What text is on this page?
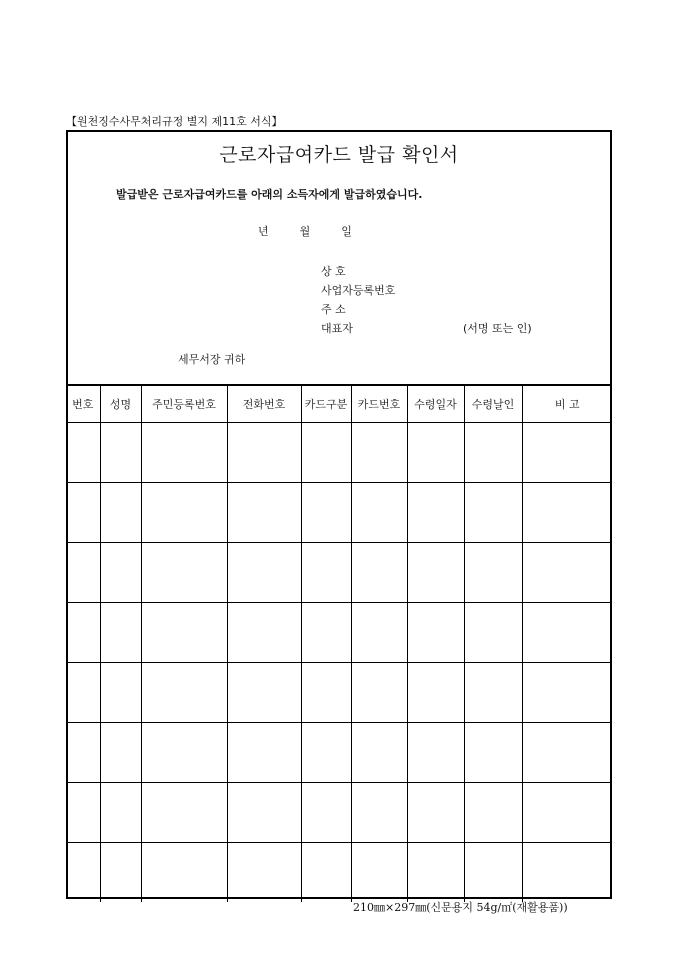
【원천징수사무처리규정 별지 제11호 서식】
근로자급여카드 발급 확인서
발급받은 근로자급여카드를 아래의 소득자에게 발급하였습니다.
년	월	일
상 호
사업자등록번호
주 소
대표자	(서명 또는 인)
세무서장 귀하
번호	성명	주민등록번호	전화번호	카드구분	카드번호	수령일자	수령날인	비 고

210㎜×297㎜(신문용지 54g/㎡(재활용품))
